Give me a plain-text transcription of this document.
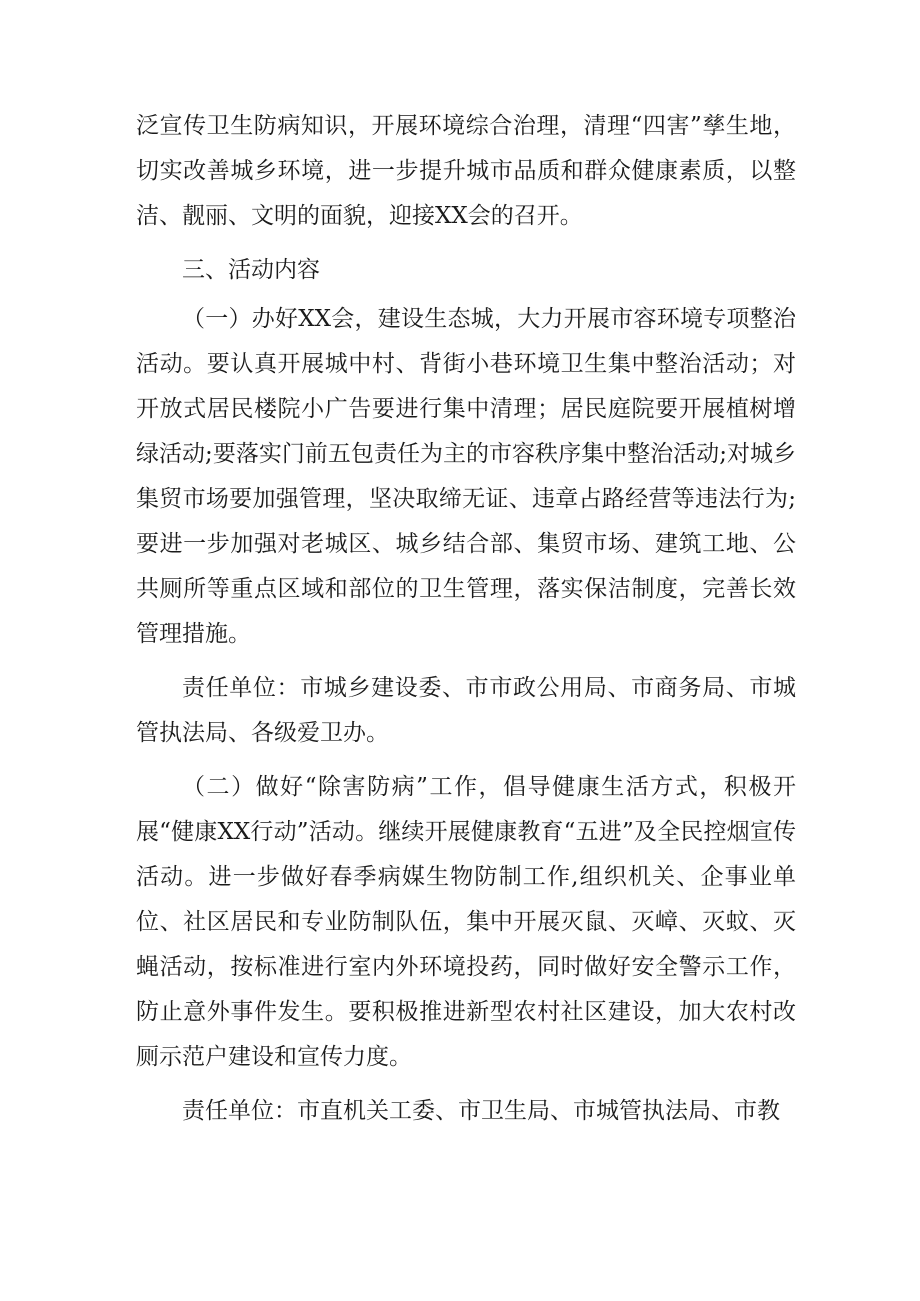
泛宣传卫生防病知识，开展环境综合治理，清理“四害”孳生地，切实改善城乡环境，进一步提升城市品质和群众健康素质，以整洁、靓丽、文明的面貌，迎接XX会的召开。

三、活动内容

（一）办好XX会，建设生态城，大力开展市容环境专项整治活动。要认真开展城中村、背街小巷环境卫生集中整治活动；对开放式居民楼院小广告要进行集中清理；居民庭院要开展植树增绿活动;要落实门前五包责任为主的市容秩序集中整治活动;对城乡集贸市场要加强管理，坚决取缔无证、违章占路经营等违法行为;要进一步加强对老城区、城乡结合部、集贸市场、建筑工地、公共厕所等重点区域和部位的卫生管理，落实保洁制度，完善长效管理措施。

责任单位：市城乡建设委、市市政公用局、市商务局、市城管执法局、各级爱卫办。

（二）做好“除害防病”工作，倡导健康生活方式，积极开展“健康XX行动”活动。继续开展健康教育“五进”及全民控烟宣传活动。进一步做好春季病媒生物防制工作,组织机关、企事业单位、社区居民和专业防制队伍，集中开展灭鼠、灭嶂、灭蚊、灭蝇活动，按标准进行室内外环境投药，同时做好安全警示工作，防止意外事件发生。要积极推进新型农村社区建设，加大农村改厕示范户建设和宣传力度。

责任单位：市直机关工委、市卫生局、市城管执法局、市教
